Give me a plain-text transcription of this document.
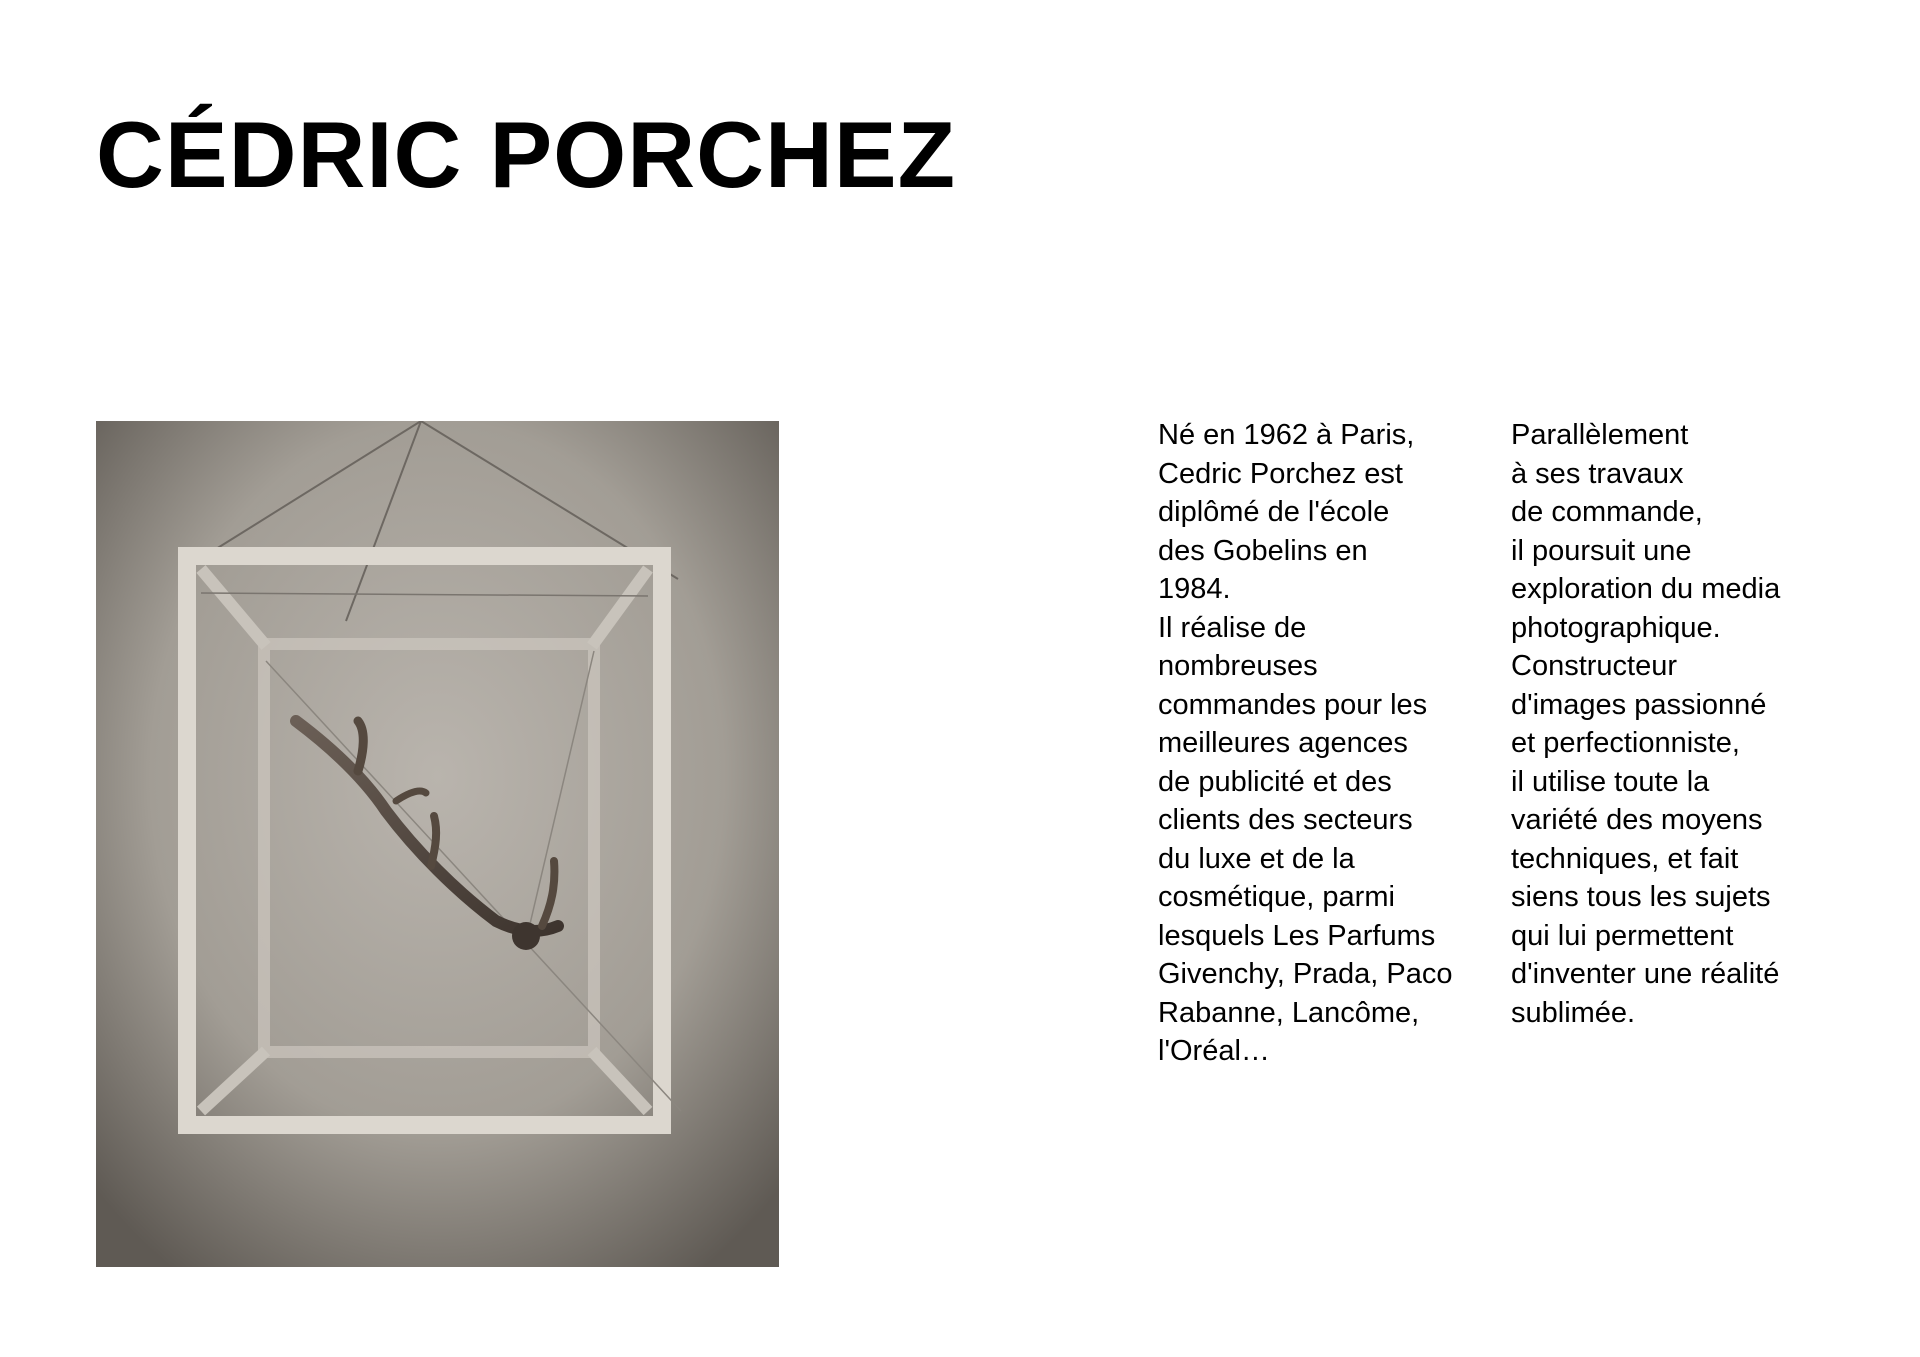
CÉDRIC PORCHEZ
Né en 1962 à Paris,
Cedric Porchez est
diplômé de l'école
des Gobelins en
1984.
Il réalise de
nombreuses
commandes pour les
meilleures agences
de publicité et des
clients des secteurs
du luxe et de la
cosmétique, parmi
lesquels Les Parfums
Givenchy, Prada, Paco
Rabanne, Lancôme,
l'Oréal…
Parallèlement
à ses travaux
de commande,
il poursuit une
exploration du media
photographique.
Constructeur
d'images passionné
et perfectionniste,
il utilise toute la
variété des moyens
techniques, et fait
siens tous les sujets
qui lui permettent
d'inventer une réalité
sublimée.
